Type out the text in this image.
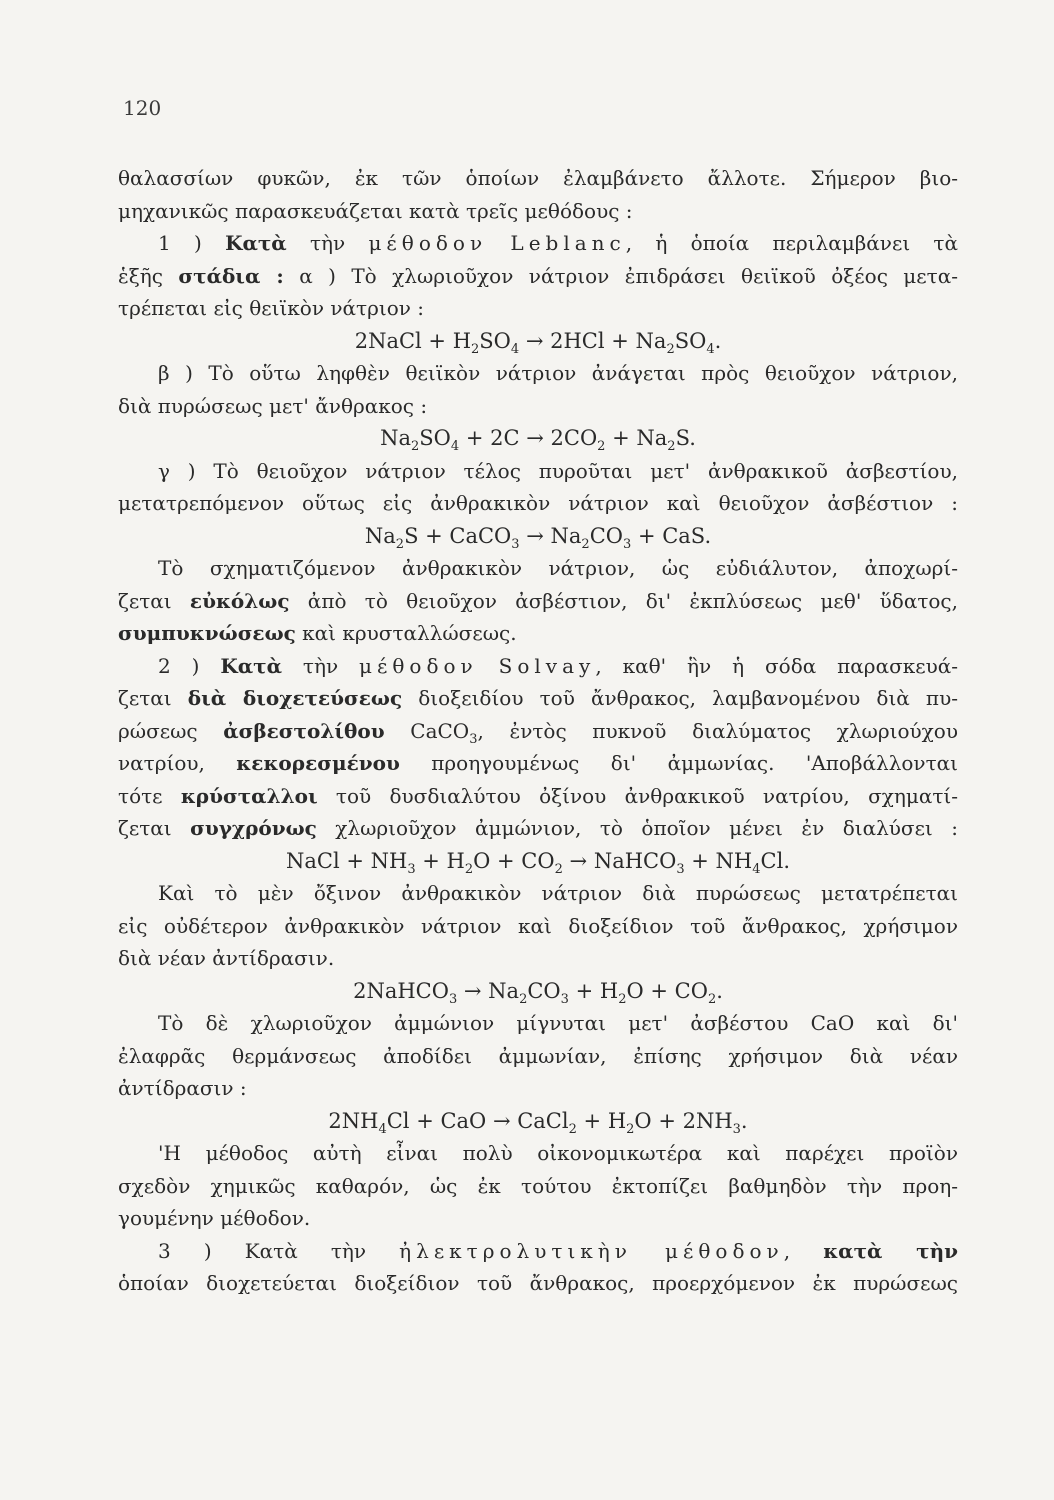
120
θαλασσίων φυκῶν, ἐκ τῶν ὁποίων ἐλαμβάνετο ἄλλοτε. Σήμερον βιο-
μηχανικῶς παρασκευάζεται κατὰ τρεῖς μεθόδους :
1 ) Κατὰ τὴν μέθοδον Leblanc, ἡ ὁποία περιλαμβάνει τὰ
ἑξῆς στάδια : α ) Τὸ χλωριοῦχον νάτριον ἐπιδράσει θειϊκοῦ ὀξέος μετα-
τρέπεται εἰς θειϊκὸν νάτριον :
2NaCl + $H_2SO_4 \to 2HCl + Na_2SO_4$.
β ) Τὸ οὕτω ληφθὲν θειϊκὸν νάτριον ἀνάγεται πρὸς θειοῦχον νάτριον,
διὰ πυρώσεως μετ' ἄνθρακος :
$Na_2SO_4 + 2C \to 2CO_2 + Na_2S$.
γ ) Τὸ θειοῦχον νάτριον τέλος πυροῦται μετ' ἀνθρακικοῦ ἀσβεστίου,
μετατρεπόμενον οὕτως εἰς ἀνθρακικὸν νάτριον καὶ θειοῦχον ἀσβέστιον :
$Na_2S$ + CaCO$_3$ → $Na_2CO_3$ + CaS.
Τὸ σχηματιζόμενον ἀνθρακικὸν νάτριον, ὡς εὐδιάλυτον, ἀποχωρί-
ζεται εὐκόλως ἀπὸ τὸ θειοῦχον ἀσβέστιον, δι' ἐκπλύσεως μεθ' ὕδατος,
συμπυκνώσεως καὶ κρυσταλλώσεως.
2 ) Κατὰ τὴν μέθοδον Solvay, καθ' ἣν ἡ σόδα παρασκευά-
ζεται διὰ διοχετεύσεως διοξειδίου τοῦ ἄνθρακος, λαμβανομένου διὰ πυ-
ρώσεως ἀσβεστολίθου CaCO$_3$, ἐντὸς πυκνοῦ διαλύματος χλωριούχου
νατρίου, κεκορεσμένου προηγουμένως δι' ἀμμωνίας. 'Αποβάλλονται
τότε κρύσταλλοι τοῦ δυσδιαλύτου ὀξίνου ἀνθρακικοῦ νατρίου, σχηματί-
ζεται συγχρόνως χλωριοῦχον ἀμμώνιον, τὸ ὁποῖον μένει ἐν διαλύσει :
NaCl + $NH_3 + H_2O + CO_2$ → NaHCO$_3$ + $NH_4Cl$.
Καὶ τὸ μὲν ὄξινον ἀνθρακικὸν νάτριον διὰ πυρώσεως μετατρέπεται
εἰς οὐδέτερον ἀνθρακικὸν νάτριον καὶ διοξείδιον τοῦ ἄνθρακος, χρήσιμον
διὰ νέαν ἀντίδρασιν.
2NaHCO$_3$ → $Na_2CO_3 + H_2O + CO_2$.
Τὸ δὲ χλωριοῦχον ἀμμώνιον μίγνυται μετ' ἀσβέστου CaO καὶ δι'
ἐλαφρᾶς θερμάνσεως ἀποδίδει ἀμμωνίαν, ἐπίσης χρήσιμον διὰ νέαν
ἀντίδρασιν :
$2NH_4Cl$ + CaO → CaCl$_2$ + $H_2O + 2NH_3$.
'Η μέθοδος αὐτὴ εἶναι πολὺ οἰκονομικωτέρα καὶ παρέχει προϊὸν
σχεδὸν χημικῶς καθαρόν, ὡς ἐκ τούτου ἐκτοπίζει βαθμηδὸν τὴν προη-
γουμένην μέθοδον.
3 ) Κατὰ τὴν ἠλεκτρολυτικὴν μέθοδον, κατὰ τὴν
ὁποίαν διοχετεύεται διοξείδιον τοῦ ἄνθρακος, προερχόμενον ἐκ πυρώσεως
